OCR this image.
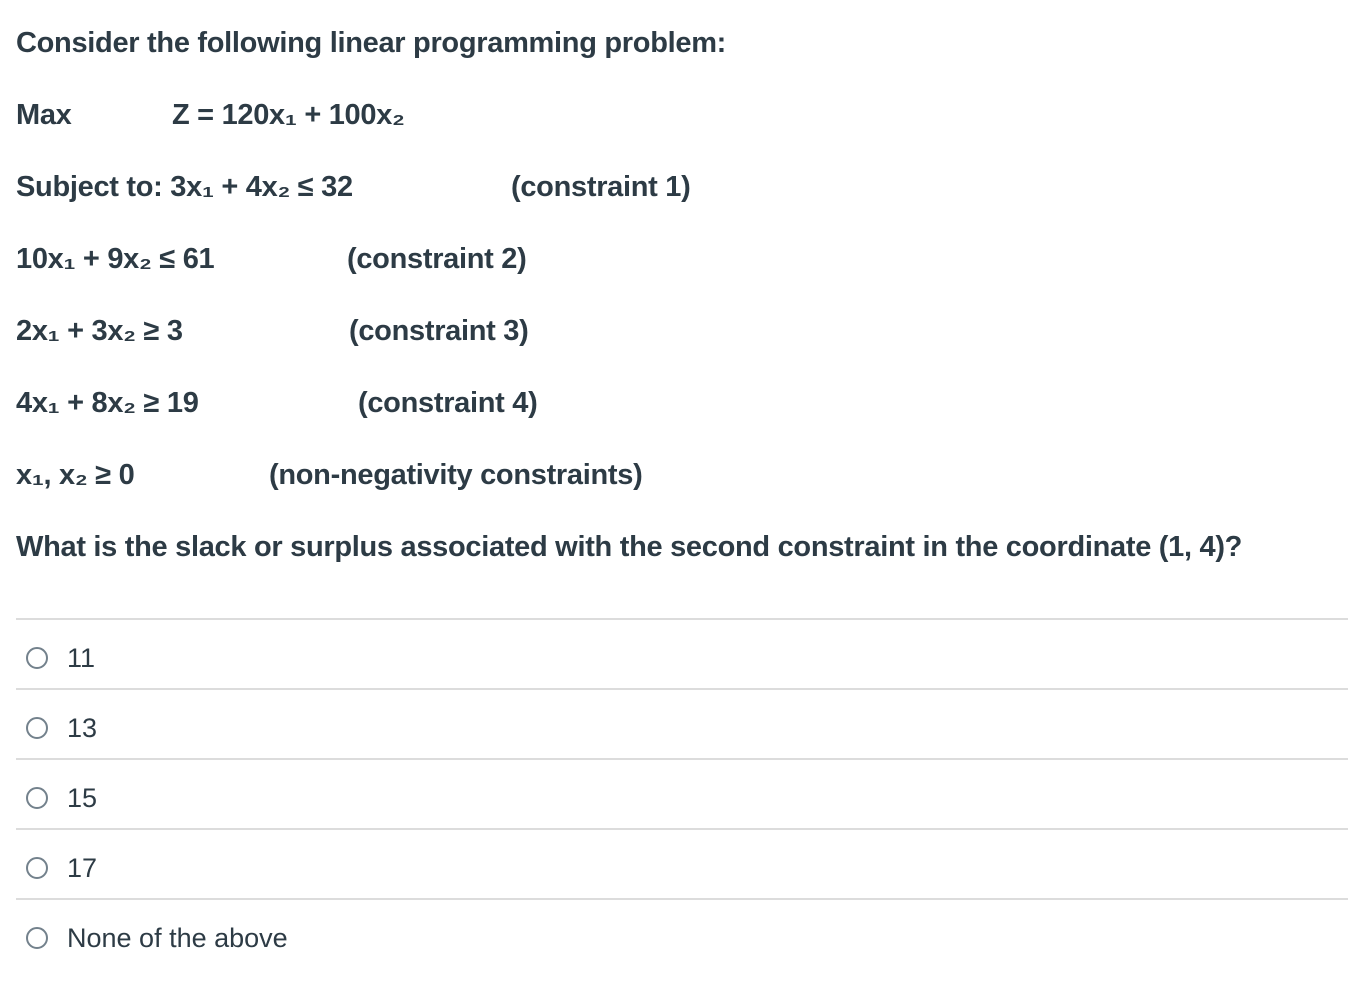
Consider the following linear programming problem:
Max	Z = 120x₁ + 100x₂
Subject to: 3x₁ + 4x₂ ≤ 32	(constraint 1)
10x₁ + 9x₂ ≤ 61	(constraint 2)
2x₁ + 3x₂ ≥ 3	(constraint 3)
4x₁ + 8x₂ ≥ 19	(constraint 4)
x₁, x₂ ≥ 0	(non-negativity constraints)
What is the slack or surplus associated with the second constraint in the coordinate (1, 4)?
11
13
15
17
None of the above
